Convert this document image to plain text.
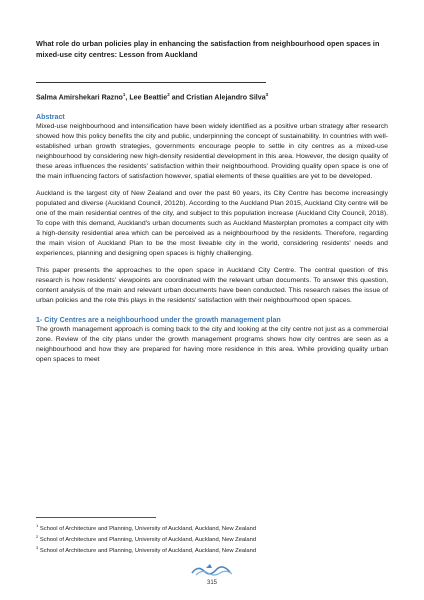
What role do urban policies play in enhancing the satisfaction from neighbourhood open spaces in mixed-use city centres: Lesson from Auckland

Salma Amirshekari Razno$^1$, Lee Beattie$^2$ and Cristian Alejandro Silva$^3$
Abstract

Mixed-use neighbourhood and intensification have been widely identified as a positive urban strategy after research showed how this policy benefits the city and public, underpinning the concept of sustainability. In countries with well-established urban growth strategies, governments encourage people to settle in city centres as a mixed-use neighbourhood by considering new high-density residential development in this area. However, the design quality of these areas influences the residents' satisfaction within their neighbourhood. Providing quality open space is one of the main influencing factors of satisfaction however, spatial elements of these qualities are yet to be developed.

Auckland is the largest city of New Zealand and over the past 60 years, its City Centre has become increasingly populated and diverse (Auckland Council, 2012b). According to the Auckland Plan 2015, Auckland City centre will be one of the main residential centres of the city, and subject to this population increase (Auckland City Council, 2018). To cope with this demand, Auckland's urban documents such as Auckland Masterplan promotes a compact city with a high-density residential area which can be perceived as a neighbourhood by the residents. Therefore, regarding the main vision of Auckland Plan to be the most liveable city in the world, considering residents' needs and experiences, planning and designing open spaces is highly challenging.

This paper presents the approaches to the open space in Auckland City Centre. The central question of this research is how residents' viewpoints are coordinated with the relevant urban documents. To answer this question, content analysis of the main and relevant urban documents have been conducted. This research raises the issue of urban policies and the role this plays in the residents' satisfaction with their neighbourhood open spaces.

1- City Centres are a neighbourhood under the growth management plan

The growth management approach is coming back to the city and looking at the city centre not just as a commercial zone. Review of the city plans under the growth management programs shows how city centres are seen as a neighbourhood and how they are prepared for having more residence in this area. While providing quality urban open spaces to meet

$^1$ School of Architecture and Planning, University of Auckland, Auckland, New Zealand
$^2$ School of Architecture and Planning, University of Auckland, Auckland, New Zealand
$^3$ School of Architecture and Planning, University of Auckland, Auckland, New Zealand
315
